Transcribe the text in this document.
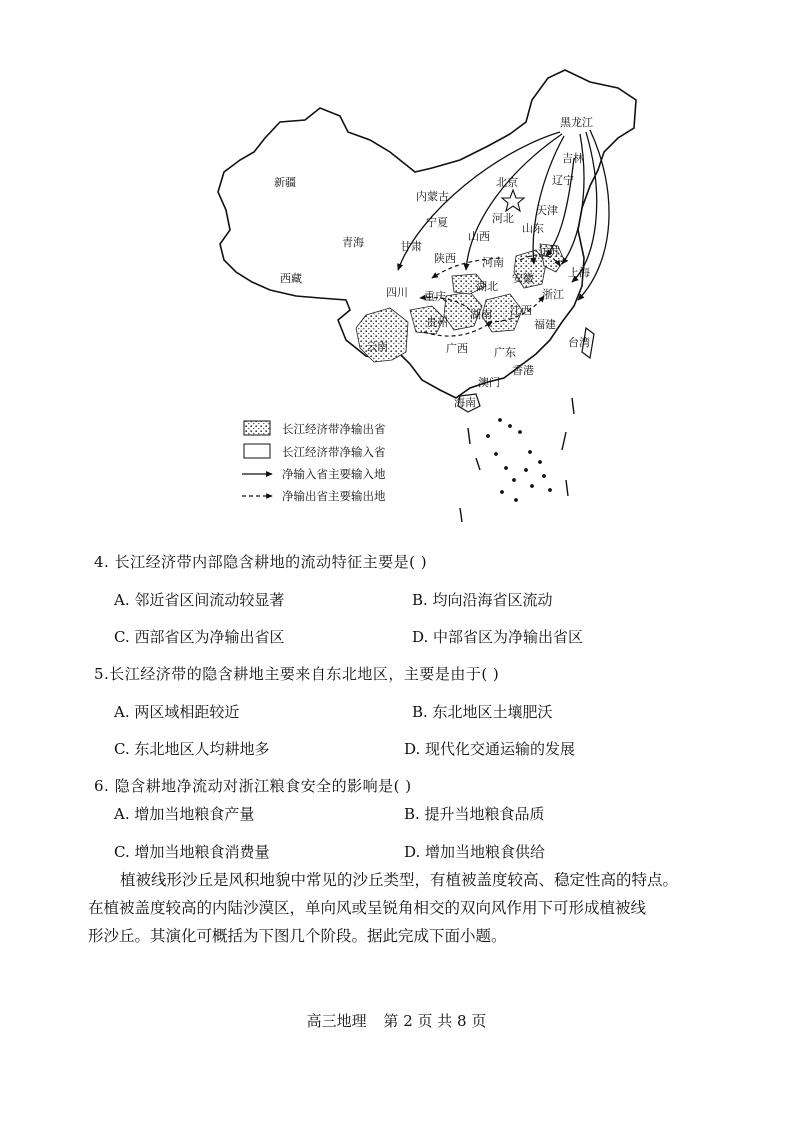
新疆
西藏
青海
内蒙古
黑龙江
吉林
辽宁
北京
天津
河北
山东
山西
陕西
宁夏
甘肃
河南
江苏
安徽	上海
湖北
四川 重庆	浙江
贵州
湖南 江西
福建
云南	广西 广东
台湾
香港
澳门
海南
长江经济带净输出省
长江经济带净输入省
净输入省主要输入地
净输出省主要输出地
4. 长江经济带内部隐含耕地的流动特征主要是( )
A. 邻近省区间流动较显著	B. 均向沿海省区流动
C. 西部省区为净输出省区	D. 中部省区为净输出省区
5.长江经济带的隐含耕地主要来自东北地区，主要是由于( )
A. 两区域相距较近	B. 东北地区土壤肥沃
C. 东北地区人均耕地多	D. 现代化交通运输的发展
6. 隐含耕地净流动对浙江粮食安全的影响是( )
A. 增加当地粮食产量	B. 提升当地粮食品质
C. 增加当地粮食消费量	D. 增加当地粮食供给

植被线形沙丘是风积地貌中常见的沙丘类型，有植被盖度较高、稳定性高的特点。

在植被盖度较高的内陆沙漠区，单向风或呈锐角相交的双向风作用下可形成植被线

形沙丘。其演化可概括为下图几个阶段。据此完成下面小题。

高三地理 第 2 页 共 8 页
